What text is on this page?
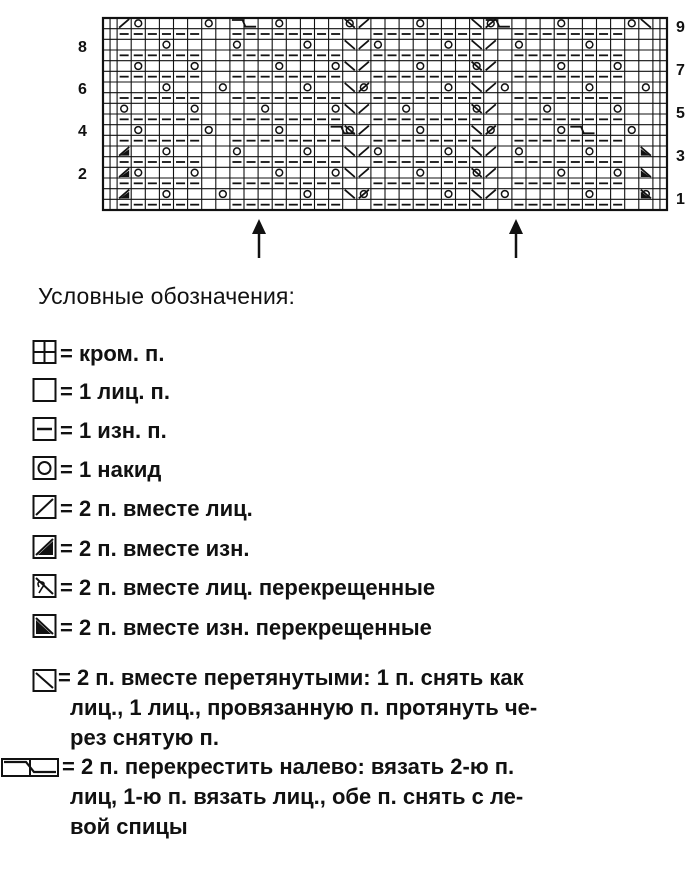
8
6
4
2
9
7
5
3
1
Условные обозначения:
= кром. п.
= 1 лиц. п.
= 1 изн. п.
= 1 накид
= 2 п. вместе лиц.
= 2 п. вместе изн.
= 2 п. вместе лиц. перекрещенные
= 2 п. вместе изн. перекрещенные
= 2 п. вместе перетянутыми: 1 п. снять как
лиц., 1 лиц., провязанную п. протянуть че-
рез снятую п.
= 2 п. перекрестить налево: вязать 2-ю п.
лиц, 1-ю п. вязать лиц., обе п. снять с ле-
вой спицы
